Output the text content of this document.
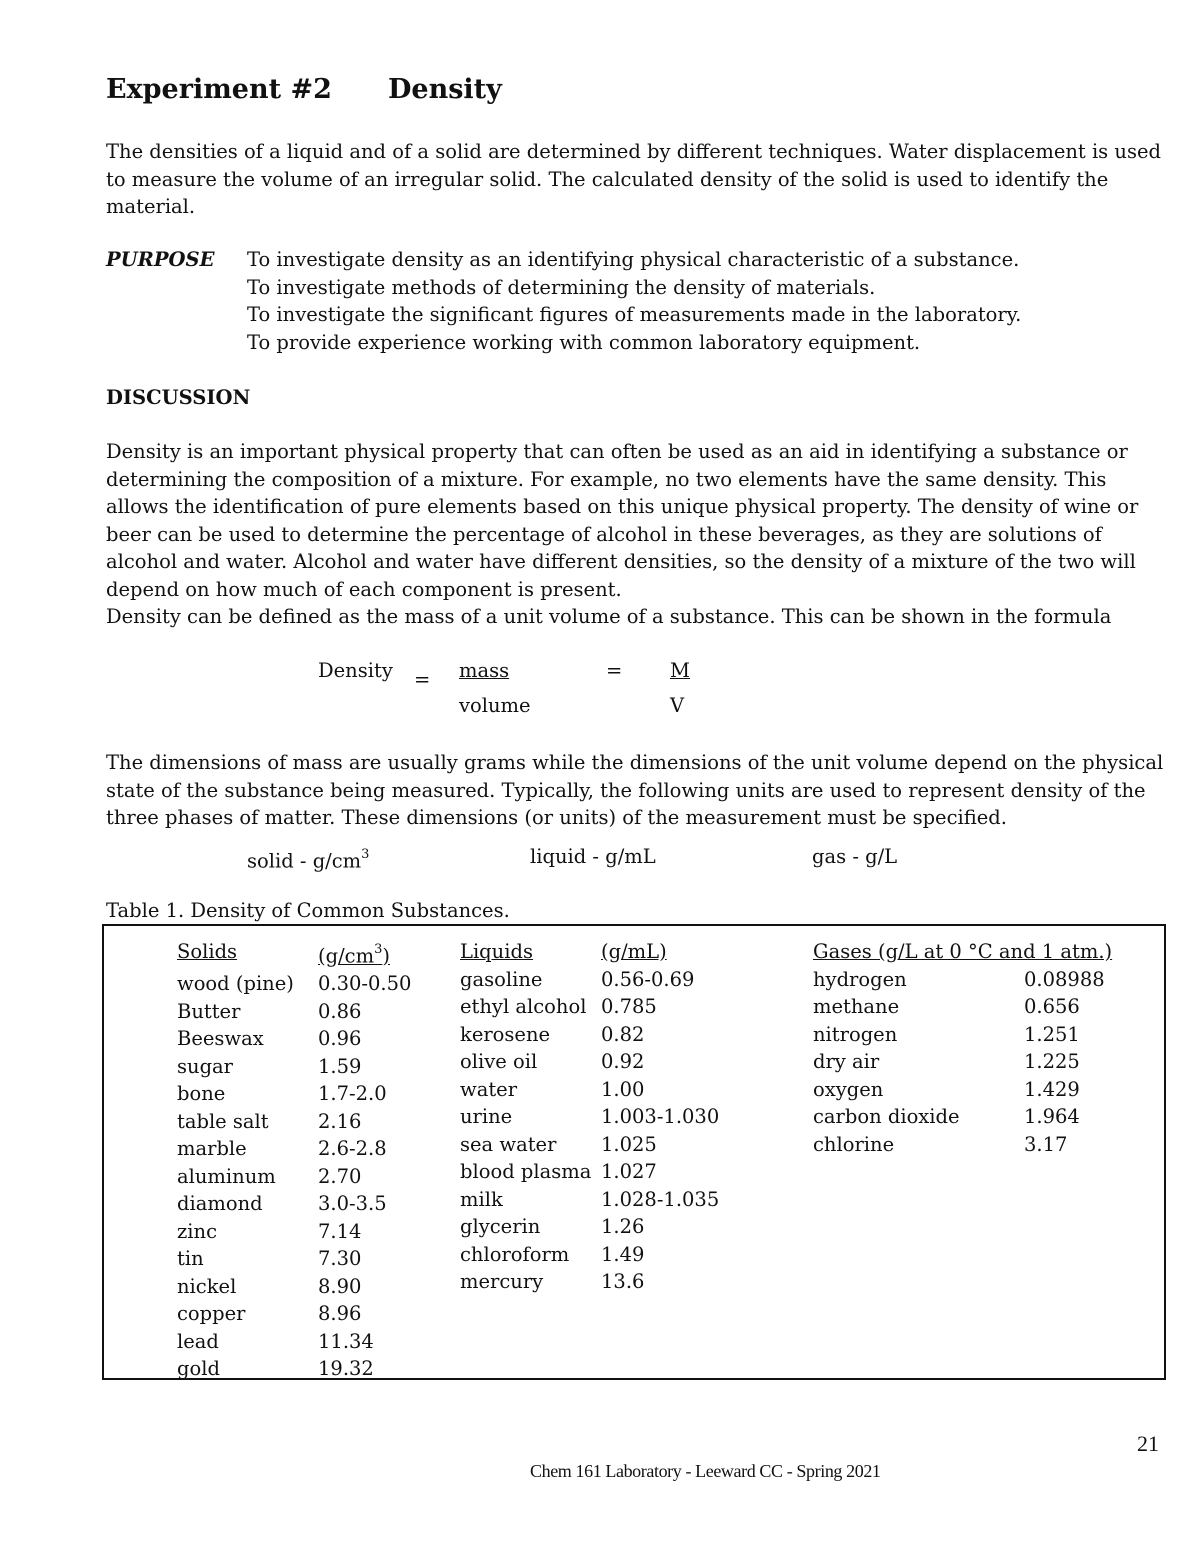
Experiment #2 Density
The densities of a liquid and of a solid are determined by different techniques. Water displacement is used to measure the volume of an irregular solid. The calculated density of the solid is used to identify the material.
PURPOSE To investigate density as an identifying physical characteristic of a substance.
To investigate methods of determining the density of materials.
To investigate the significant figures of measurements made in the laboratory.
To provide experience working with common laboratory equipment.
DISCUSSION
Density is an important physical property that can often be used as an aid in identifying a substance or determining the composition of a mixture. For example, no two elements have the same density. This allows the identification of pure elements based on this unique physical property. The density of wine or beer can be used to determine the percentage of alcohol in these beverages, as they are solutions of alcohol and water. Alcohol and water have different densities, so the density of a mixture of the two will depend on how much of each component is present.
Density can be defined as the mass of a unit volume of a substance. This can be shown in the formula
Density = mass
volume
= M
V
The dimensions of mass are usually grams while the dimensions of the unit volume depend on the physical state of the substance being measured. Typically, the following units are used to represent density of the three phases of matter. These dimensions (or units) of the measurement must be specified.
solid - $g/cm^3$	liquid - g/mL	gas - g/L
Table 1. Density of Common Substances.
Solids	$(g/cm^3)$
wood (pine)	0.30-0.50
Butter	0.86
Beeswax	0.96
sugar	1.59
bone	1.7-2.0
table salt	2.16
marble	2.6-2.8
aluminum	2.70
diamond	3.0-3.5
zinc	7.14
tin	7.30
nickel	8.90
copper	8.96
lead	11.34
gold	19.32
Liquids	(g/mL)
gasoline	0.56-0.69
ethyl alcohol 0.785
kerosene	0.82
olive oil	0.92
water	1.00
urine	1.003-1.030
sea water	1.025
blood plasma 1.027
milk	1.028-1.035
glycerin	1.26
chloroform	1.49
mercury	13.6
Gases (g/L at 0 °C and 1 atm.)
hydrogen	0.08988
methane	0.656
nitrogen	1.251
dry air	1.225
oxygen	1.429
carbon dioxide	1.964
chlorine	3.17
21
Chem 161 Laboratory - Leeward CC - Spring 2021
